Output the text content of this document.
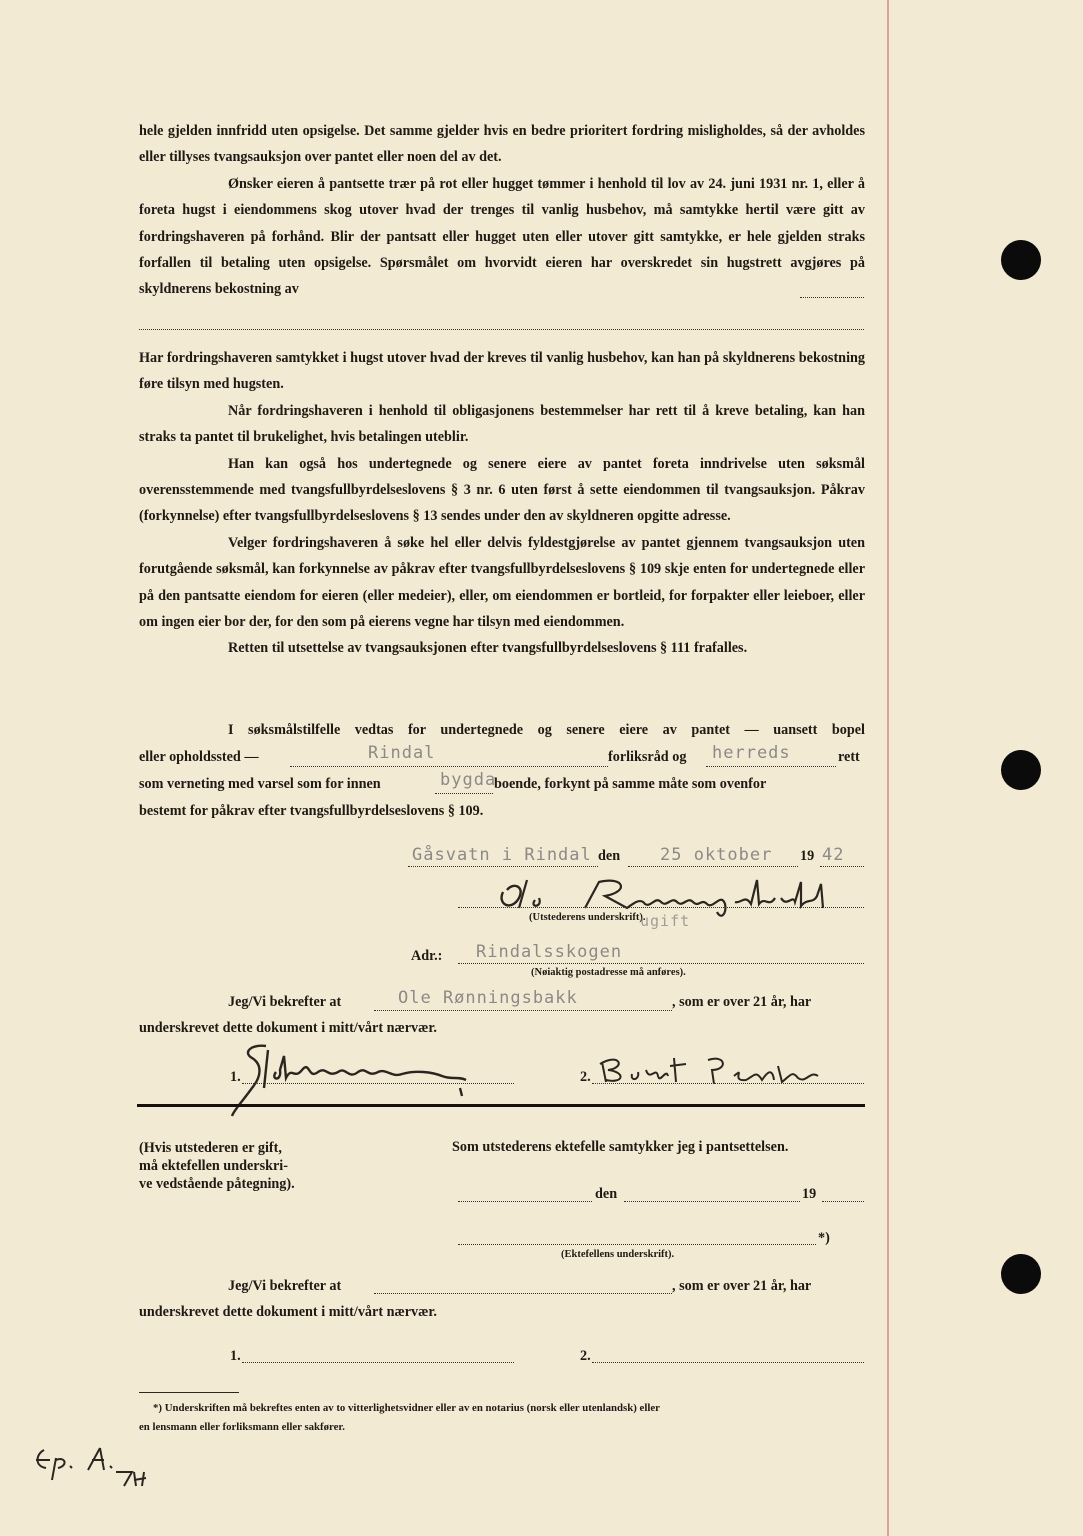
hele gjelden innfridd uten opsigelse. Det samme gjelder hvis en bedre prioritert fordring misligholdes, så der avholdes eller tillyses tvangsauksjon over pantet eller noen del av det.

Ønsker eieren å pantsette trær på rot eller hugget tømmer i henhold til lov av 24. juni 1931 nr. 1, eller å foreta hugst i eiendommens skog utover hvad der trenges til vanlig husbehov, må samtykke hertil være gitt av fordringshaveren på forhånd. Blir der pantsatt eller hugget uten eller utover gitt samtykke, er hele gjelden straks forfallen til betaling uten opsigelse. Spørsmålet om hvorvidt eieren har overskredet sin hugstrett avgjøres på skyldnerens bekostning av

Har fordringshaveren samtykket i hugst utover hvad der kreves til vanlig husbehov, kan han på skyldnerens bekostning føre tilsyn med hugsten.

Når fordringshaveren i henhold til obligasjonens bestemmelser har rett til å kreve betaling, kan han straks ta pantet til brukelighet, hvis betalingen uteblir.

Han kan også hos undertegnede og senere eiere av pantet foreta inndrivelse uten søksmål overensstemmende med tvangsfullbyrdelseslovens § 3 nr. 6 uten først å sette eiendommen til tvangsauksjon. Påkrav (forkynnelse) efter tvangsfullbyrdelseslovens § 13 sendes under den av skyldneren opgitte adresse.

Velger fordringshaveren å søke hel eller delvis fyldestgjørelse av pantet gjennem tvangsauksjon uten forutgående søksmål, kan forkynnelse av påkrav efter tvangsfullbyrdelseslovens § 109 skje enten for undertegnede eller på den pantsatte eiendom for eieren (eller medeier), eller, om eiendommen er bortleid, for forpakter eller leieboer, eller om ingen eier bor der, for den som på eierens vegne har tilsyn med eiendommen.

Retten til utsettelse av tvangsauksjonen efter tvangsfullbyrdelseslovens § 111 frafalles.

I søksmålstilfelle vedtas for undertegnede og senere eiere av pantet — uansett bopel
eller opholdssted —	Rindal	forliksråd og herreds	rett
som verneting med varsel som for innen	bygda
boende, forkynt på samme måte som ovenfor
bestemt for påkrav efter tvangsfullbyrdelseslovens § 109.
Gåsvatn i Rindal den 25 oktober 19 42
(Utstederens underskrift).
ugift
Adr.: Rindalsskogen
(Nøiaktig postadresse må anføres).
Jeg/Vi bekrefter at	Ole Rønningsbakk	, som er over 21 år, har
underskrevet dette dokument i mitt/vårt nærvær.
1.	2.
(Hvis utstederen er gift,
må ektefellen underskri-
ve vedstående påtegning).
Som utstederens ektefelle samtykker jeg i pantsettelsen.
den	19
*)
(Ektefellens underskrift).
Jeg/Vi bekrefter at	, som er over 21 år, har
underskrevet dette dokument i mitt/vårt nærvær.
1.	2.

*) Underskriften må bekreftes enten av to vitterlighetsvidner eller av en notarius (norsk eller utenlandsk) eller

en lensmann eller forliksmann eller sakfører.
